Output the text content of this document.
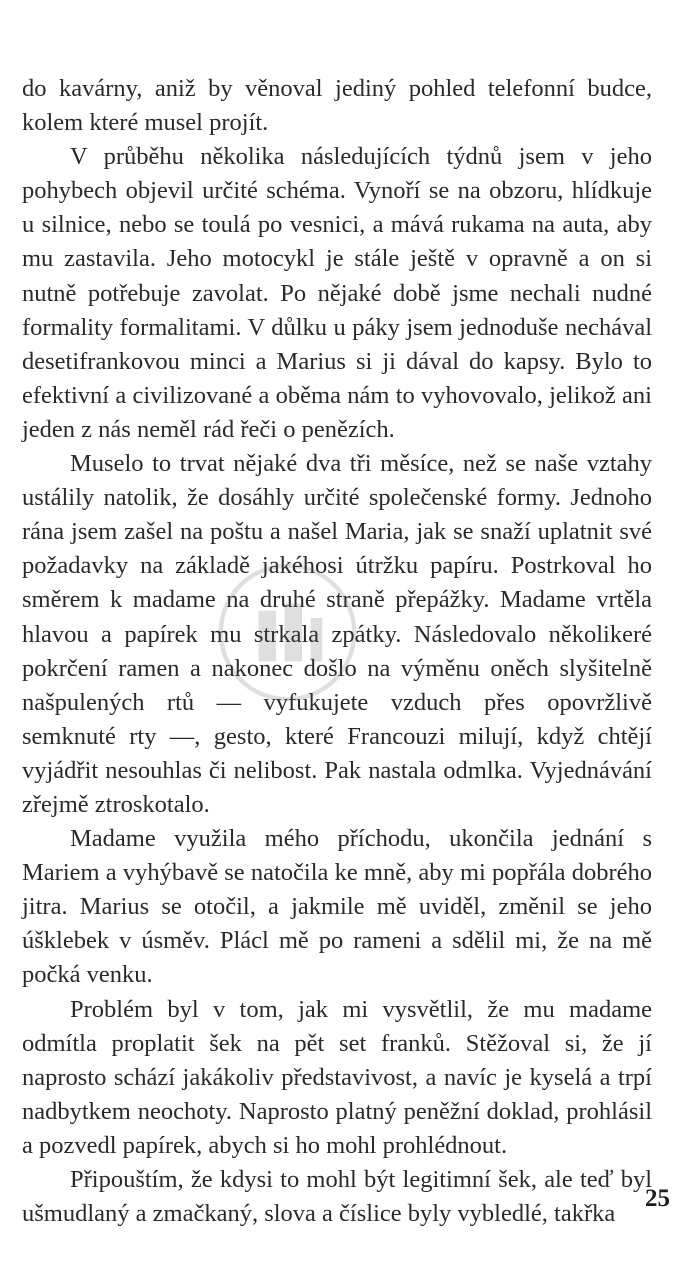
do kavárny, aniž by věnoval jediný pohled telefonní budce, kolem které musel projít.

V průběhu několika následujících týdnů jsem v jeho pohybech objevil určité schéma. Vynoří se na obzoru, hlídkuje u silnice, nebo se toulá po vesnici, a mává rukama na auta, aby mu zastavila. Jeho motocykl je stále ještě v opravně a on si nutně potřebuje zavolat. Po nějaké době jsme nechali nudné formality formalitami. V důlku u páky jsem jednoduše nechával desetifrankovou minci a Marius si ji dával do kapsy. Bylo to efektivní a civilizované a oběma nám to vyhovovalo, jelikož ani jeden z nás neměl rád řeči o penězích.

Muselo to trvat nějaké dva tři měsíce, než se naše vztahy ustálily natolik, že dosáhly určité společenské formy. Jednoho rána jsem zašel na poštu a našel Maria, jak se snaží uplatnit své požadavky na základě jakéhosi útržku papíru. Postrkoval ho směrem k madame na druhé straně přepážky. Madame vrtěla hlavou a papírek mu strkala zpátky. Následovalo několikeré pokrčení ramen a nakonec došlo na výměnu oněch slyšitelně našpulených rtů — vyfukujete vzduch přes opovržlivě semknuté rty —, gesto, které Francouzi milují, když chtějí vyjádřit nesouhlas či nelibost. Pak nastala odmlka. Vyjednávání zřejmě ztroskotalo.

Madame využila mého příchodu, ukončila jednání s Mariem a vyhýbavě se natočila ke mně, aby mi popřála dobrého jitra. Marius se otočil, a jakmile mě uviděl, změnil se jeho úšklebek v úsměv. Plácl mě po rameni a sdělil mi, že na mě počká venku.

Problém byl v tom, jak mi vysvětlil, že mu madame odmítla proplatit šek na pět set franků. Stěžoval si, že jí naprosto schází jakákoliv představivost, a navíc je kyselá a trpí nadbytkem neochoty. Naprosto platný peněžní doklad, prohlásil a pozvedl papírek, abych si ho mohl prohlédnout.

Připouštím, že kdysi to mohl být legitimní šek, ale teď byl ušmudlaný a zmačkaný, slova a číslice byly vybledlé, takřka

25
